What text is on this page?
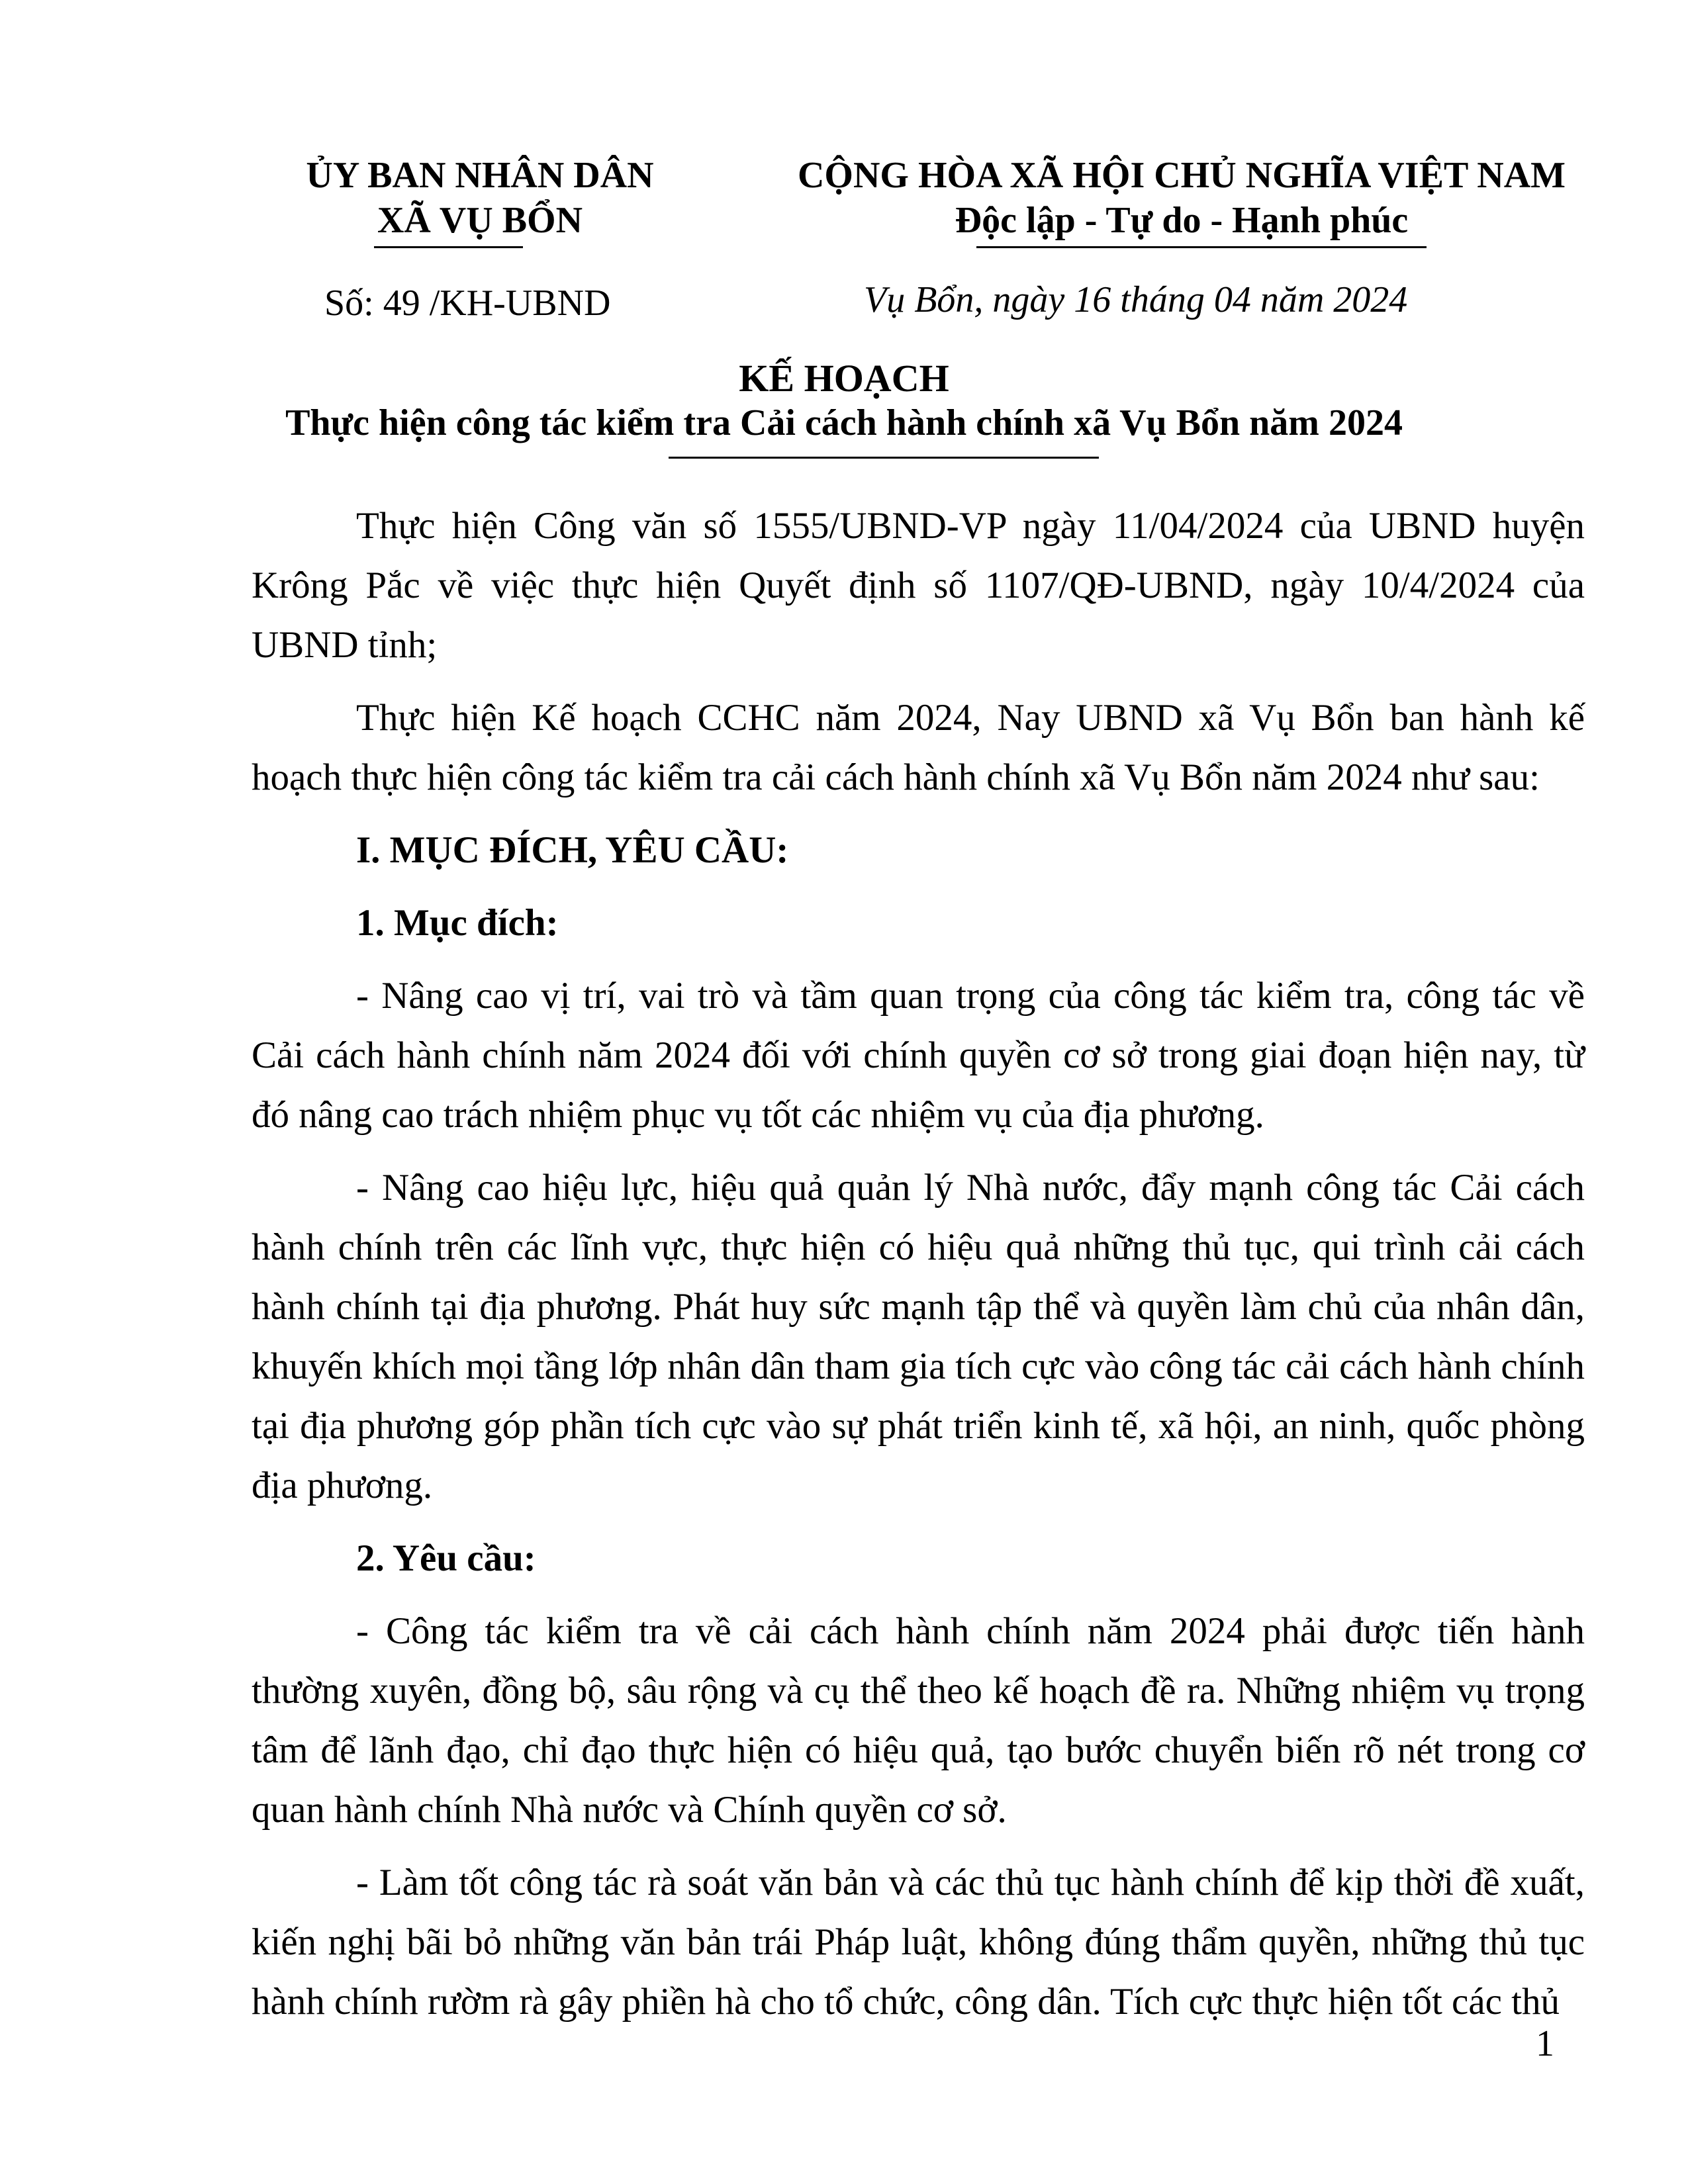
ỦY BAN NHÂN DÂN
XÃ VỤ BỔN
CỘNG HÒA XÃ HỘI CHỦ NGHĨA VIỆT NAM
Độc lập - Tự do - Hạnh phúc
Số: 49 /KH-UBND	Vụ Bổn, ngày 16 tháng 04 năm 2024
KẾ HOẠCH
Thực hiện công tác kiểm tra Cải cách hành chính xã Vụ Bổn năm 2024

Thực hiện Công văn số 1555/UBND-VP ngày 11/04/2024 của UBND huyện Krông Pắc về việc thực hiện Quyết định số 1107/QĐ-UBND, ngày 10/4/2024 của UBND tỉnh;

Thực hiện Kế hoạch CCHC năm 2024, Nay UBND xã Vụ Bổn ban hành kế hoạch thực hiện công tác kiểm tra cải cách hành chính xã Vụ Bổn năm 2024 như sau:

I. MỤC ĐÍCH, YÊU CẦU:

1. Mục đích:

- Nâng cao vị trí, vai trò và tầm quan trọng của công tác kiểm tra, công tác về Cải cách hành chính năm 2024 đối với chính quyền cơ sở trong giai đoạn hiện nay, từ đó nâng cao trách nhiệm phục vụ tốt các nhiệm vụ của địa phương.

- Nâng cao hiệu lực, hiệu quả quản lý Nhà nước, đẩy mạnh công tác Cải cách hành chính trên các lĩnh vực, thực hiện có hiệu quả những thủ tục, qui trình cải cách hành chính tại địa phương. Phát huy sức mạnh tập thể và quyền làm chủ của nhân dân, khuyến khích mọi tầng lớp nhân dân tham gia tích cực vào công tác cải cách hành chính tại địa phương góp phần tích cực vào sự phát triển kinh tế, xã hội, an ninh, quốc phòng địa phương.

2. Yêu cầu:

- Công tác kiểm tra về cải cách hành chính năm 2024 phải được tiến hành thường xuyên, đồng bộ, sâu rộng và cụ thể theo kế hoạch đề ra. Những nhiệm vụ trọng tâm để lãnh đạo, chỉ đạo thực hiện có hiệu quả, tạo bước chuyển biến rõ nét trong cơ quan hành chính Nhà nước và Chính quyền cơ sở.

- Làm tốt công tác rà soát văn bản và các thủ tục hành chính để kịp thời đề xuất, kiến nghị bãi bỏ những văn bản trái Pháp luật, không đúng thẩm quyền, những thủ tục hành chính rườm rà gây phiền hà cho tổ chức, công dân. Tích cực thực hiện tốt các thủ

1
